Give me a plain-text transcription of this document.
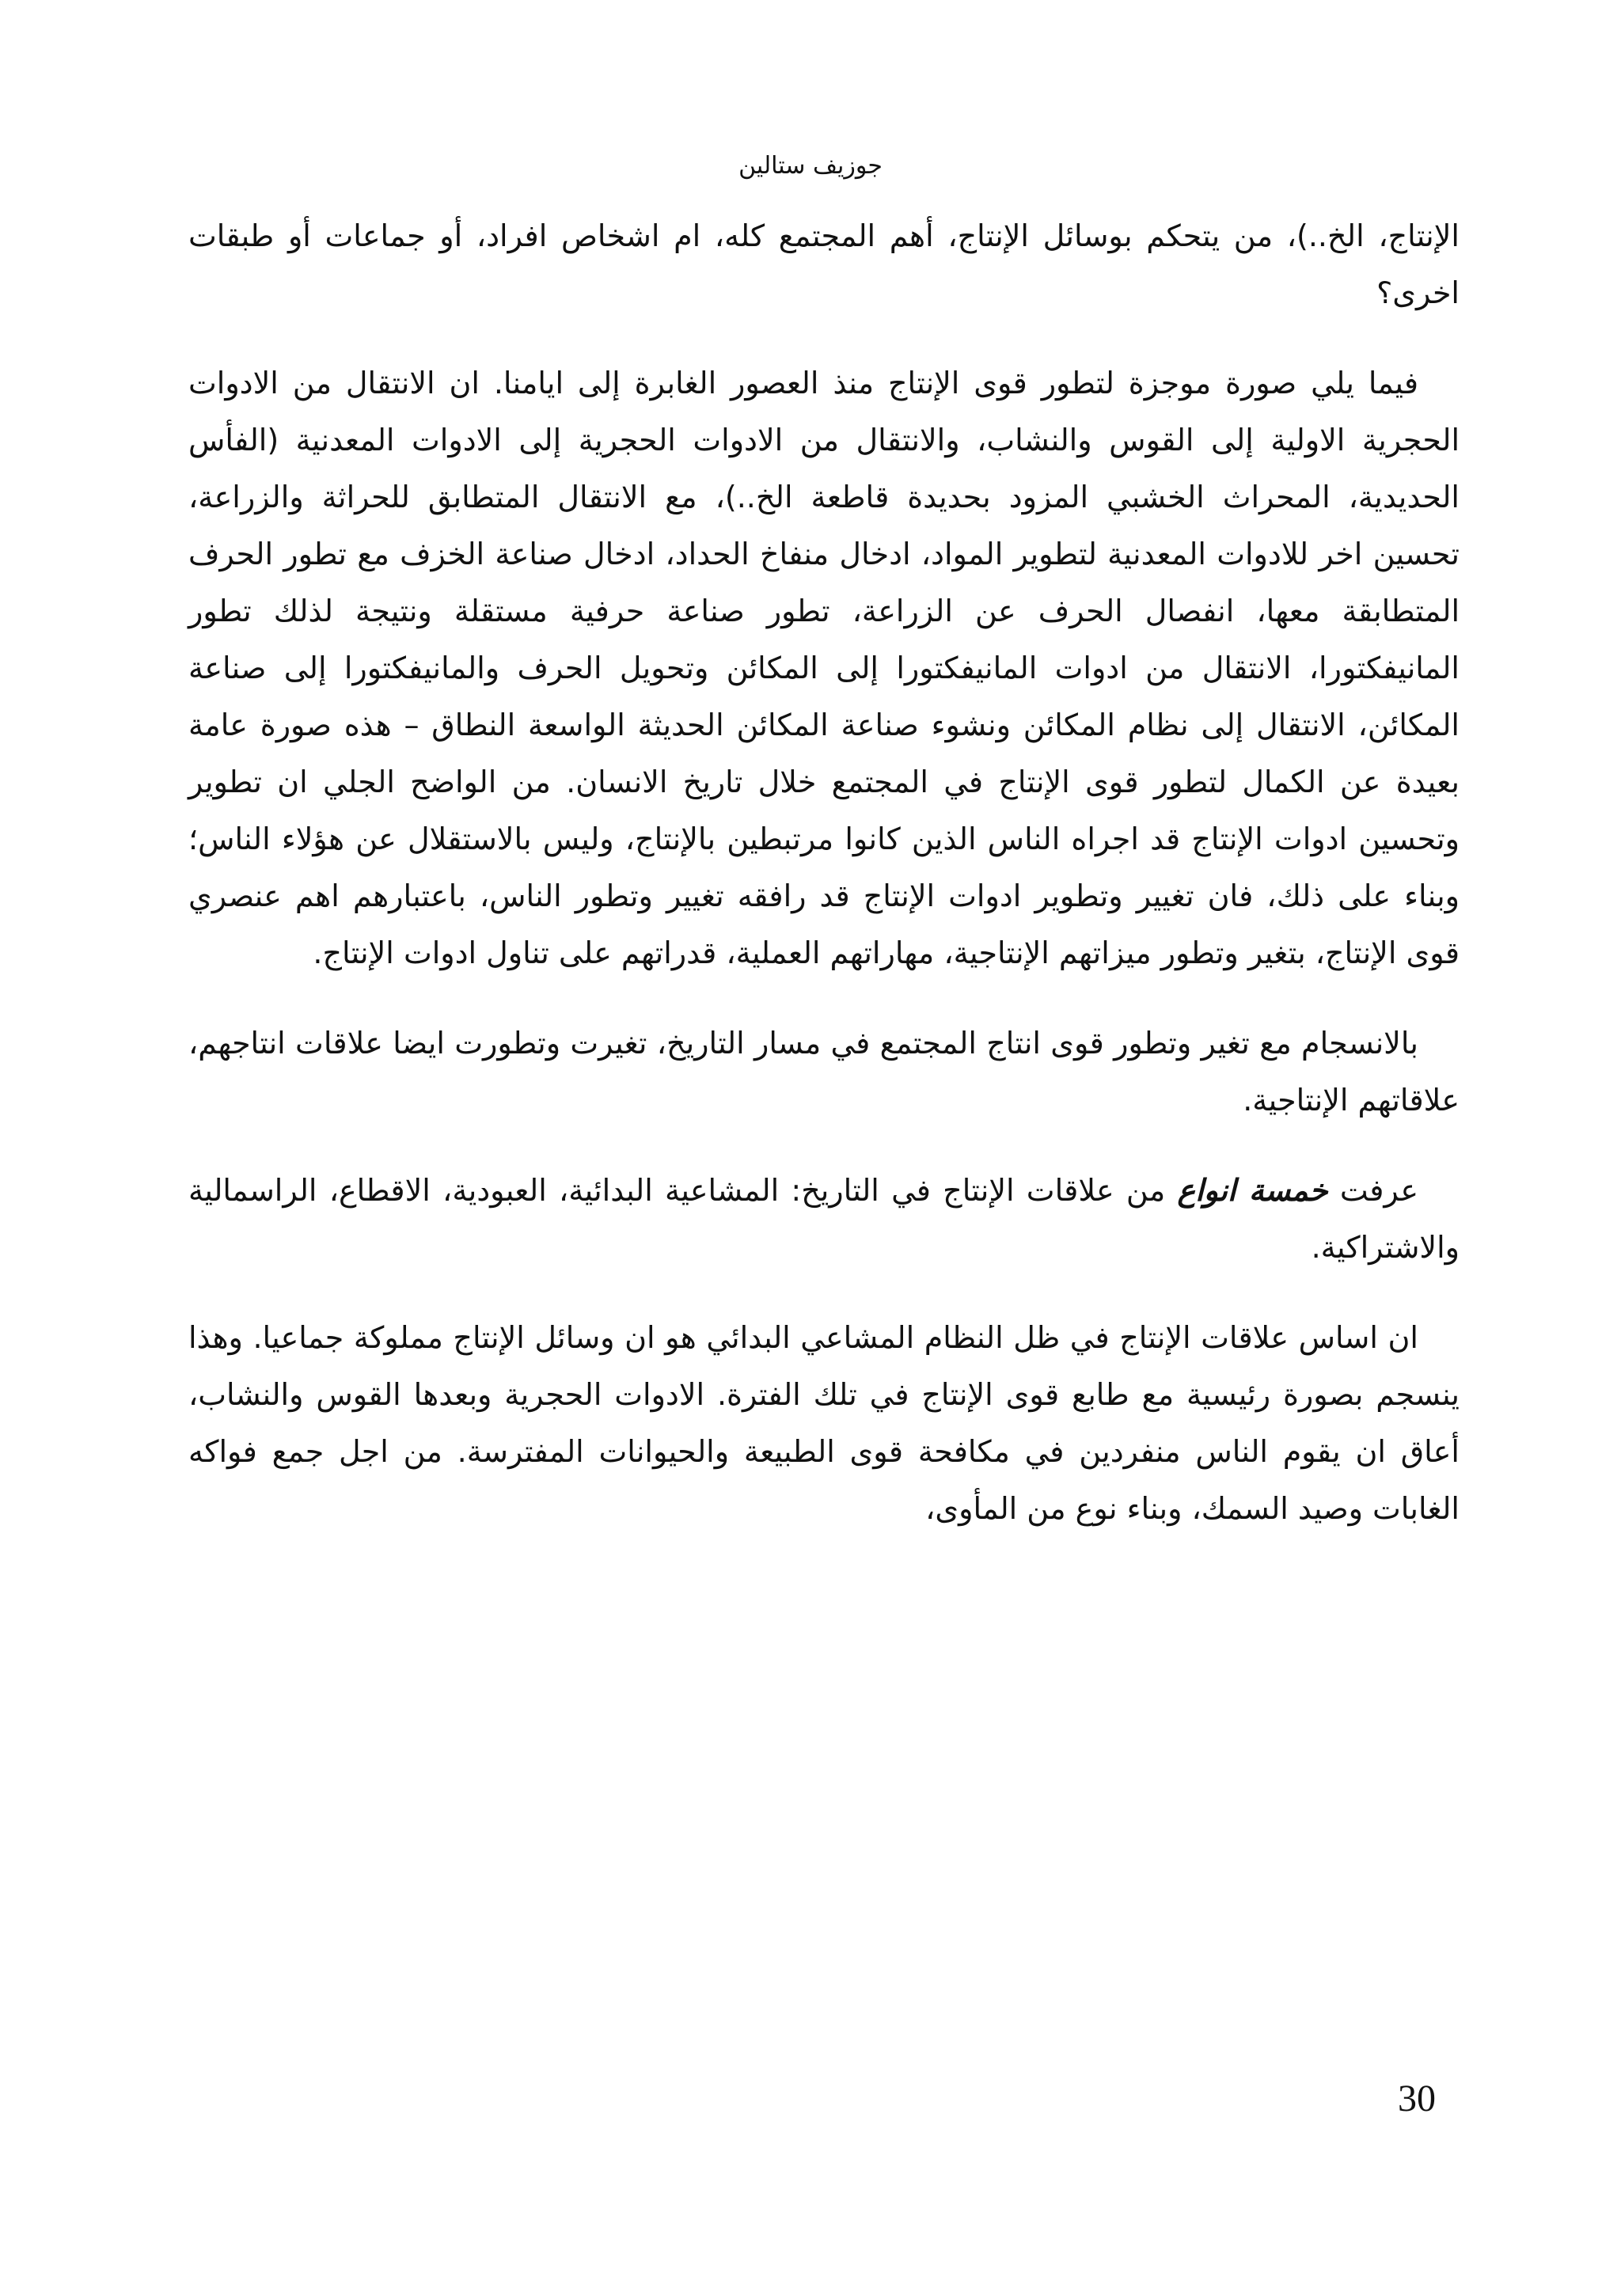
جوزيف ستالين

الإنتاج، الخ..)، من يتحكم بوسائل الإنتاج، أهم المجتمع كله، ام اشخاص افراد، أو جماعات أو طبقات اخرى؟

فيما يلي صورة موجزة لتطور قوى الإنتاج منذ العصور الغابرة إلى ايامنا. ان الانتقال من الادوات الحجرية الاولية إلى القوس والنشاب، والانتقال من الادوات الحجرية إلى الادوات المعدنية (الفأس الحديدية، المحراث الخشبي المزود بحديدة قاطعة الخ..)، مع الانتقال المتطابق للحراثة والزراعة، تحسين اخر للادوات المعدنية لتطوير المواد، ادخال منفاخ الحداد، ادخال صناعة الخزف مع تطور الحرف المتطابقة معها، انفصال الحرف عن الزراعة، تطور صناعة حرفية مستقلة ونتيجة لذلك تطور المانيفكتورا، الانتقال من ادوات المانيفكتورا إلى المكائن وتحويل الحرف والمانيفكتورا إلى صناعة المكائن، الانتقال إلى نظام المكائن ونشوء صناعة المكائن الحديثة الواسعة النطاق – هذه صورة عامة بعيدة عن الكمال لتطور قوى الإنتاج في المجتمع خلال تاريخ الانسان. من الواضح الجلي ان تطوير وتحسين ادوات الإنتاج قد اجراه الناس الذين كانوا مرتبطين بالإنتاج، وليس بالاستقلال عن هؤلاء الناس؛ وبناء على ذلك، فان تغيير وتطوير ادوات الإنتاج قد رافقه تغيير وتطور الناس، باعتبارهم اهم عنصري قوى الإنتاج، بتغير وتطور ميزاتهم الإنتاجية، مهاراتهم العملية، قدراتهم على تناول ادوات الإنتاج.

بالانسجام مع تغير وتطور قوى انتاج المجتمع في مسار التاريخ، تغيرت وتطورت ايضا علاقات انتاجهم، علاقاتهم الإنتاجية.

عرفت خمسة انواع من علاقات الإنتاج في التاريخ: المشاعية البدائية، العبودية، الاقطاع، الراسمالية والاشتراكية.

ان اساس علاقات الإنتاج في ظل النظام المشاعي البدائي هو ان وسائل الإنتاج مملوكة جماعيا. وهذا ينسجم بصورة رئيسية مع طابع قوى الإنتاج في تلك الفترة. الادوات الحجرية وبعدها القوس والنشاب، أعاق ان يقوم الناس منفردين في مكافحة قوى الطبيعة والحيوانات المفترسة. من اجل جمع فواكه الغابات وصيد السمك، وبناء نوع من المأوى،

30
